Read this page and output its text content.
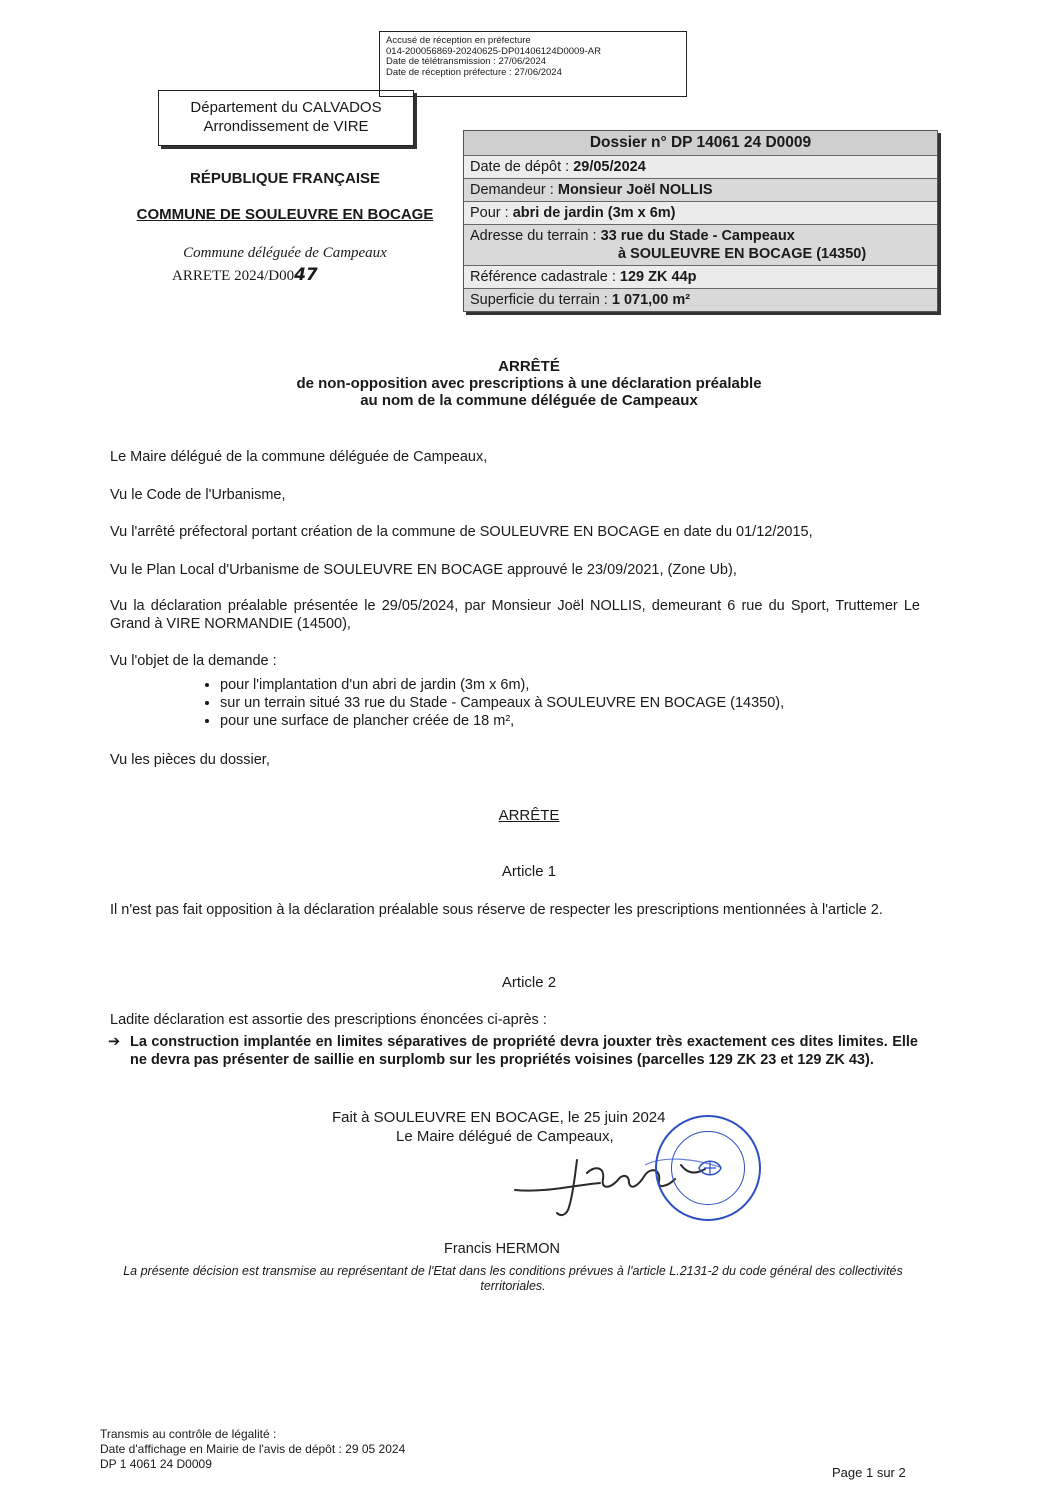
Accusé de réception en préfecture
014-200056869-20240625-DP01406124D0009-AR
Date de télétransmission : 27/06/2024
Date de réception préfecture : 27/06/2024
Département du CALVADOS
Arrondissement de VIRE
RÉPUBLIQUE FRANÇAISE
COMMUNE DE SOULEUVRE EN BOCAGE
Commune déléguée de Campeaux
ARRETE 2024/D0047
Dossier n° DP 14061 24 D0009
Date de dépôt : 29/05/2024
Demandeur : Monsieur Joël NOLLIS
Pour : abri de jardin (3m x 6m)
Adresse du terrain : 33 rue du Stade - Campeaux
à SOULEUVRE EN BOCAGE (14350)
Référence cadastrale : 129 ZK 44p
Superficie du terrain : 1 071,00 m²
ARRÊTÉ
de non-opposition avec prescriptions à une déclaration préalable
au nom de la commune déléguée de Campeaux
Le Maire délégué de la commune déléguée de Campeaux,
Vu le Code de l'Urbanisme,
Vu l'arrêté préfectoral portant création de la commune de SOULEUVRE EN BOCAGE en date du 01/12/2015,
Vu le Plan Local d'Urbanisme de SOULEUVRE EN BOCAGE approuvé le 23/09/2021, (Zone Ub),
Vu la déclaration préalable présentée le 29/05/2024, par Monsieur Joël NOLLIS, demeurant 6 rue du Sport, Truttemer Le Grand à VIRE NORMANDIE (14500),
Vu l'objet de la demande :
• pour l'implantation d'un abri de jardin (3m x 6m),
• sur un terrain situé 33 rue du Stade - Campeaux à SOULEUVRE EN BOCAGE (14350),
• pour une surface de plancher créée de 18 m²,
Vu les pièces du dossier,
ARRÊTE
Article 1
Il n'est pas fait opposition à la déclaration préalable sous réserve de respecter les prescriptions mentionnées à l'article 2.
Article 2
Ladite déclaration est assortie des prescriptions énoncées ci-après :
➔ La construction implantée en limites séparatives de propriété devra jouxter très exactement ces dites limites. Elle ne devra pas présenter de saillie en surplomb sur les propriétés voisines (parcelles 129 ZK 23 et 129 ZK 43).
Fait à SOULEUVRE EN BOCAGE, le 25 juin 2024
Le Maire délégué de Campeaux,
Francis HERMON
La présente décision est transmise au représentant de l'Etat dans les conditions prévues à l'article L.2131-2 du code général des collectivités territoriales.
Transmis au contrôle de légalité :
Date d'affichage en Mairie de l'avis de dépôt : 29 05 2024
DP 1 4061 24 D0009
Page 1 sur 2
